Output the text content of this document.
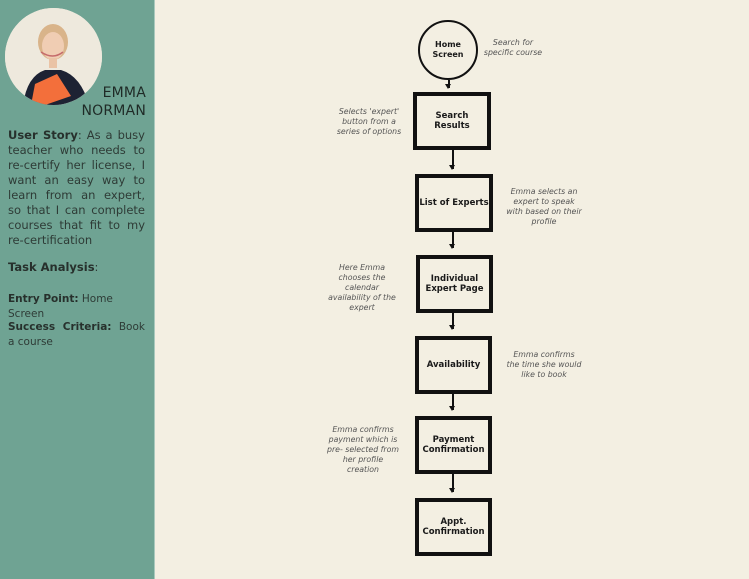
EMMA
NORMAN
User Story: As a busy teacher who needs to re-certify her license, I want an easy way to learn from an expert, so that I can complete courses that fit to my re-certification
Task Analysis:
Entry Point: Home Screen
Success Criteria: Book a course
Home Screen
Search for specific course
Search Results
Selects 'expert' button from a series of options
List of Experts
Emma selects an expert to speak with based on their profile
Individual Expert Page
Here Emma chooses the calendar availability of the expert
Availability
Emma confirms the time she would like to book
Payment Confirmation
Emma confirms payment which is pre- selected from her profile creation
Appt. Confirmation
